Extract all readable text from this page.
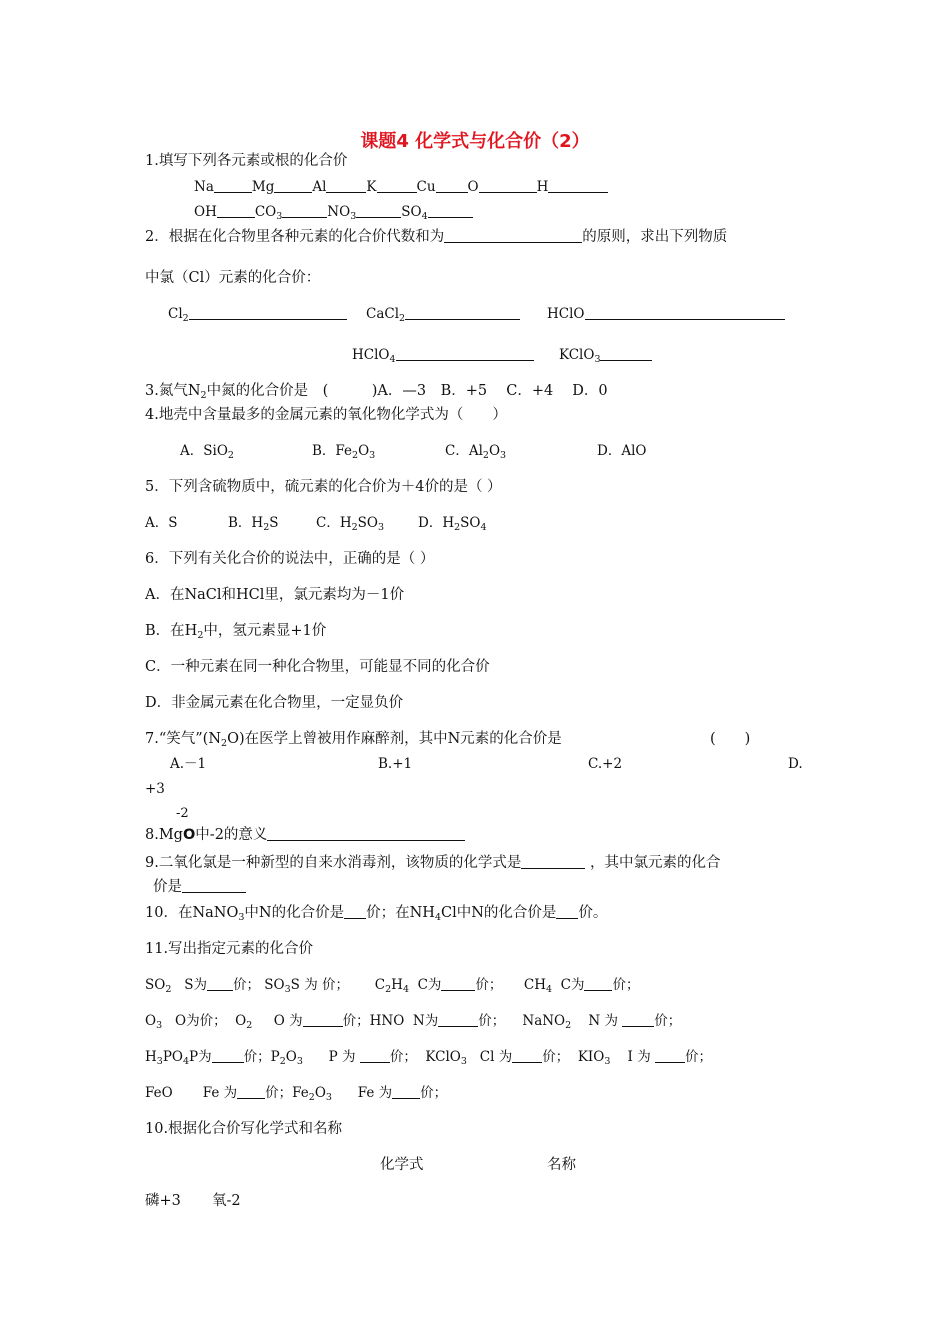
课题4 化学式与化合价（2）
1.填写下列各元素或根的化合价
Na	Mg	Al	K	Cu O	H
OH	$CO_3$	$NO_3$	$SO_4$
2．根据在化合物里各种元素的化合价代数和为	的原则，求出下列物质
中氯（Cl）元素的化合价：
$Cl_2$	CaCl$_2$	HClO
HClO$_4$	KClO$_3$
3.氮气$N_2$中氮的化合价是　(　　　)A．—3　B．+5　 C．+4　 D．0
4.地壳中含量最多的金属元素的氧化物化学式为（　　）
A．SiO$_2$	B．$Fe_2O_3$	C．$Al_2O_3$	D．AlO
5．下列含硫物质中，硫元素的化合价为＋4价的是（ ）
A．S	B．$H_2S$	C．$H_2SO_3$	D．$H_2SO_4$
6．下列有关化合价的说法中，正确的是（ ）
A．在NaCl和HCl里，氯元素均为－1价
B．在$H_2$中，氢元素显+1价
C．一种元素在同一种化合物里，可能显不同的化合价
D．非金属元素在化合物里，一定显负价
7.“笑气$”(N_2O)$在医学上曾被用作麻醉剂，其中N元素的化合价是	(　　)
A.－1	B.+1	C.+2	D.
+3
-2
8.MgO中-2的意义
9.二氧化氯是一种新型的自来水消毒剂，该物质的化学式是	，其中氯元素的化合
价是
10．在NaNO$_3$中N的化合价是 价；在$NH_4Cl$中N的化合价是 价。
11.写出指定元素的化合价
$SO_2$ S为 价； $SO_3S$ 为 价； $C_2H_4$ C为	价； $CH_4$ C为 价；
$O_3$ O为价； $O_2$ O 为	价；HNO N为	价； NaNO$_2$ N 为	价；
$H_3PO_4P$为 价；$P_2O_3$ P 为	价； KClO$_3$ Cl 为 价； $KIO_3$ I 为	价；
FeO Fe 为 价；$Fe_2O_3$ Fe 为 价；
10.根据化合价写化学式和名称
化学式	名称
磷+3 氧-2
